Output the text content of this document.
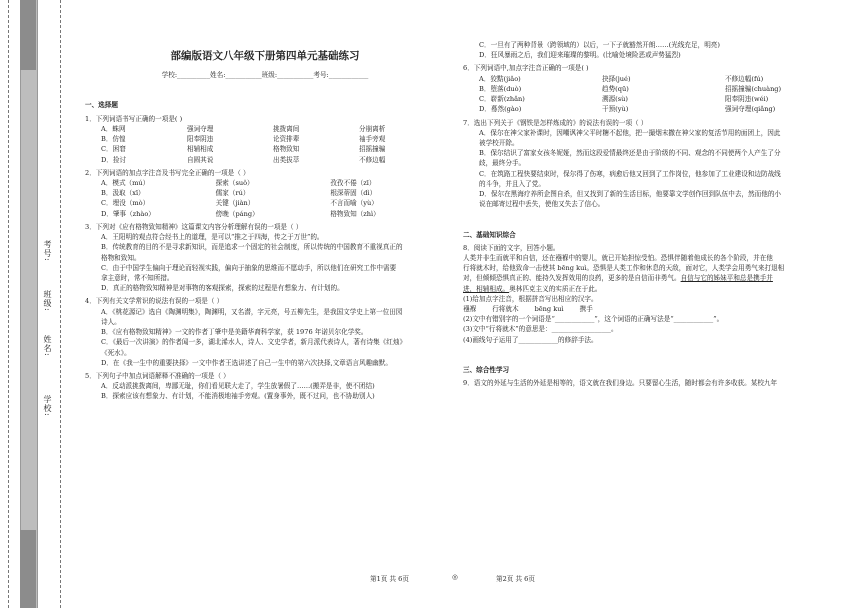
学校:
姓名:
班级:
考号:
部编版语文八年级下册第四单元基础练习
学校:__________姓名:___________班级:___________考号:____________
一、选择题
1．下列词语书写正确的一项是( )
A．蛛网	强词夺理	挑拨离间	分崩离析
B．仿惶	阳奉阴违	论资排辈	袖手旁观
C．困窘	相辅相成	格物致知	招摇撞骗
D．捡讨	自圆其说	出类拔萃	不修边幅
2．下列词语的加点字注音及书写完全正确的一项是（ ）
A．模式（mú）	探索（suǒ）	孜孜不倦（zī）
B．汲取（xī）	儒家（rú）	根深蒂固（dì）
C．埋没（mò）	关键（jiàn）	不言而喻（yù）
D．肇事（zhào）	傍晚（páng）	格物致知（zhì）
3．下列对《应有格物致知精神》这篇课文内容分析理解有误的一项是（ ）
A．王阳明的观点符合经书上的道理，是可以“推之于四海，传之于万世”的。
B．传统教育的目的不是寻求新知识，而是追求一个固定的社会制度，所以传统的中国教育不重视真正的
格物和致知。
C．由于中国学生偏向于理论而轻视实践，偏向于抽象的思维而不愿动手，所以他们在研究工作中需要
拿主意时，常不知所措。
D．真正的格物致知精神是对事物的客观探索，探索的过程是有想象力、有计划的。
4．下列有关文学常识的说法有误的一项是（ ）
A．《桃花源记》选自《陶渊明集》，陶渊明，又名潜，字元亮，号五柳先生，是我国文学史上第一位田园
诗人。
B．《应有格物致知精神》一文的作者丁肇中是美籍华裔科学家，获 1976 年诺贝尔化学奖。
C．《最后一次讲演》的作者闻一多，湖北浠水人，诗人、文史学者，新月派代表诗人，著有诗集《红烛》
《死水》。
D．在《我一生中的重要抉择》一文中作者王选讲述了自己一生中的第六次抉择,文章语言风趣幽默。
5．下列句子中加点词语解释不准确的一项是（ ）
A．反动派挑拨离间，卑鄙无耻，你们看见联大走了，学生放暑假了……(搬弄是非，使不团结)
B．探索应该有想象力、有计划，不能消极地袖手旁观。(置身事外，既不过问，也不协助别人)
C．一旦有了两种背景（跨领域的）以后，一下子就豁然开朗……(光线充足，明亮)
D．狂风暴雨之后，我们迎来璀璨的黎明。(比喻处境险恶或声势猛烈)
6．下列词语中,加点字注音正确的一项是( )
A．狡黠(jiǎo)	抉择(jué)	不修边幅(fú)
B．堕落(duò)	趋势(qū)	招摇撞骗(chuàng)
C．崭新(zhǎn)	溯源(sù)	阳奉阴违(wéi)
D．蓦然(gào)	干预(yù)	强词夺理(qiǎng)
7．选出下列关于《钢铁是怎样炼成的》的说法有误的一项（ ）
A．保尔在神父家补课时，因嘲讽神父平时糖不起他，把一撮烟末撒在神父家的复活节用的面团上，因此
被学校开除。
B．保尔结识了富家女孩冬妮娅，然而这段爱情最终还是由于阶级的不同、观念的不同使两个人产生了分
歧，最终分手。
C．在筑路工程快要结束时，保尔得了伤寒，病愈后他又回到了工作岗位，他参加了工业建设和边防战线
的斗争，并且入了党。
D．保尔在黑海疗养所企图自杀，但又找到了新的生活目标，他要靠文学创作回到队伍中去，然而他的小
说在邮寄过程中丢失，使他又失去了信心。
二、基础知识综合
8．阅读下面的文字，回答小题。
人类并非生而就平和自信，还在襁褓中的婴儿，就已开始担惊受怕。恐惧伴随着他成长的各个阶段，并在他
行将就木时，给他致命一击使其 bēng kuì。恐惧是人类工作和休息的天敌，面对它，人类学会用勇气来打退相
对，但倾倾恐惧真正的、能持久发挥效用的良药，更多的是自信而非勇气。自信与它的姊妹平和总是携手并
进，相辅相成。奥林匹克主义的实质正在于此。
(1)给加点字注音，根据拼音写出相应的汉字。
襁褓 行将就木 bēng kuì 携手
(2)文中有错别字的一个词语是“____________”，这个词语的正确写法是“____________”。
(3)文中“行将就木”的意思是：__________________。
(4)画线句子运用了____________的修辞手法。
三、综合性学习
9．语文的外延与生活的外延是相等的，语文就在我们身边。只要留心生活，随时都会有许多收获。某校九年
第1页 共 6页	◎	第2页 共 6页
